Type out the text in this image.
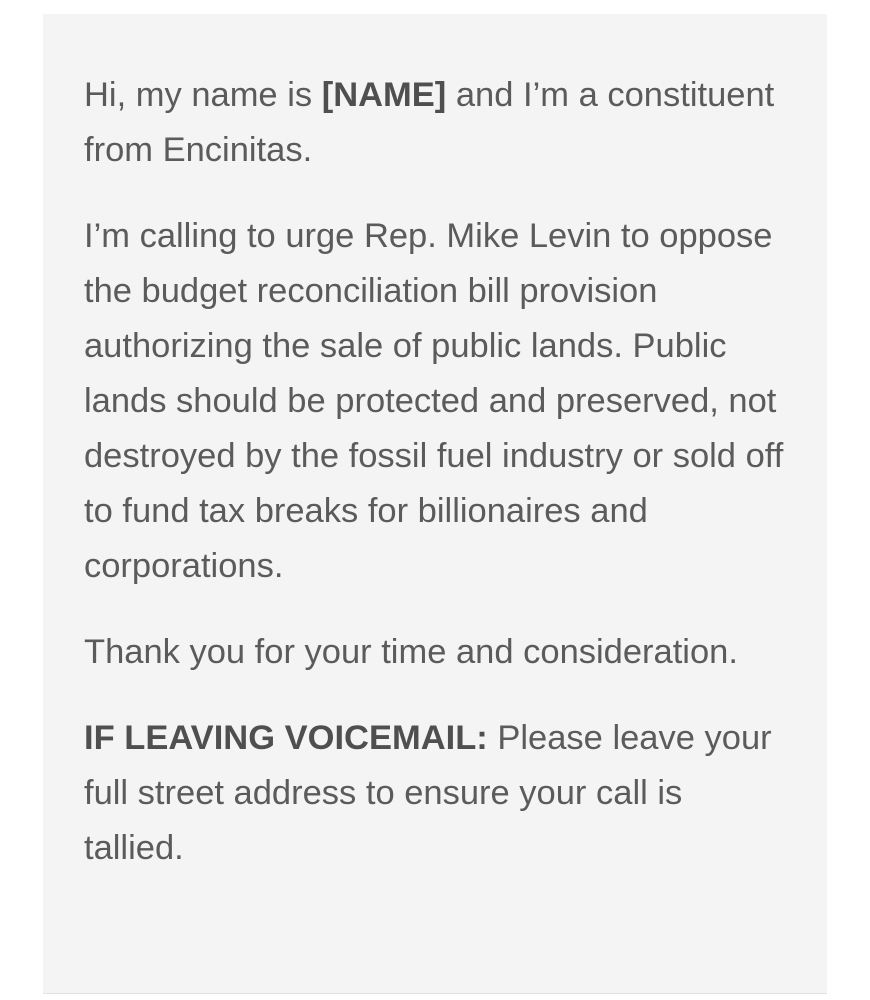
Hi, my name is [NAME] and I’m a constituent from Encinitas.

I’m calling to urge Rep. Mike Levin to oppose the budget reconciliation bill provision authorizing the sale of public lands. Public lands should be protected and preserved, not destroyed by the fossil fuel industry or sold off to fund tax breaks for billionaires and corporations.

Thank you for your time and consideration.

IF LEAVING VOICEMAIL: Please leave your full street address to ensure your call is tallied.
